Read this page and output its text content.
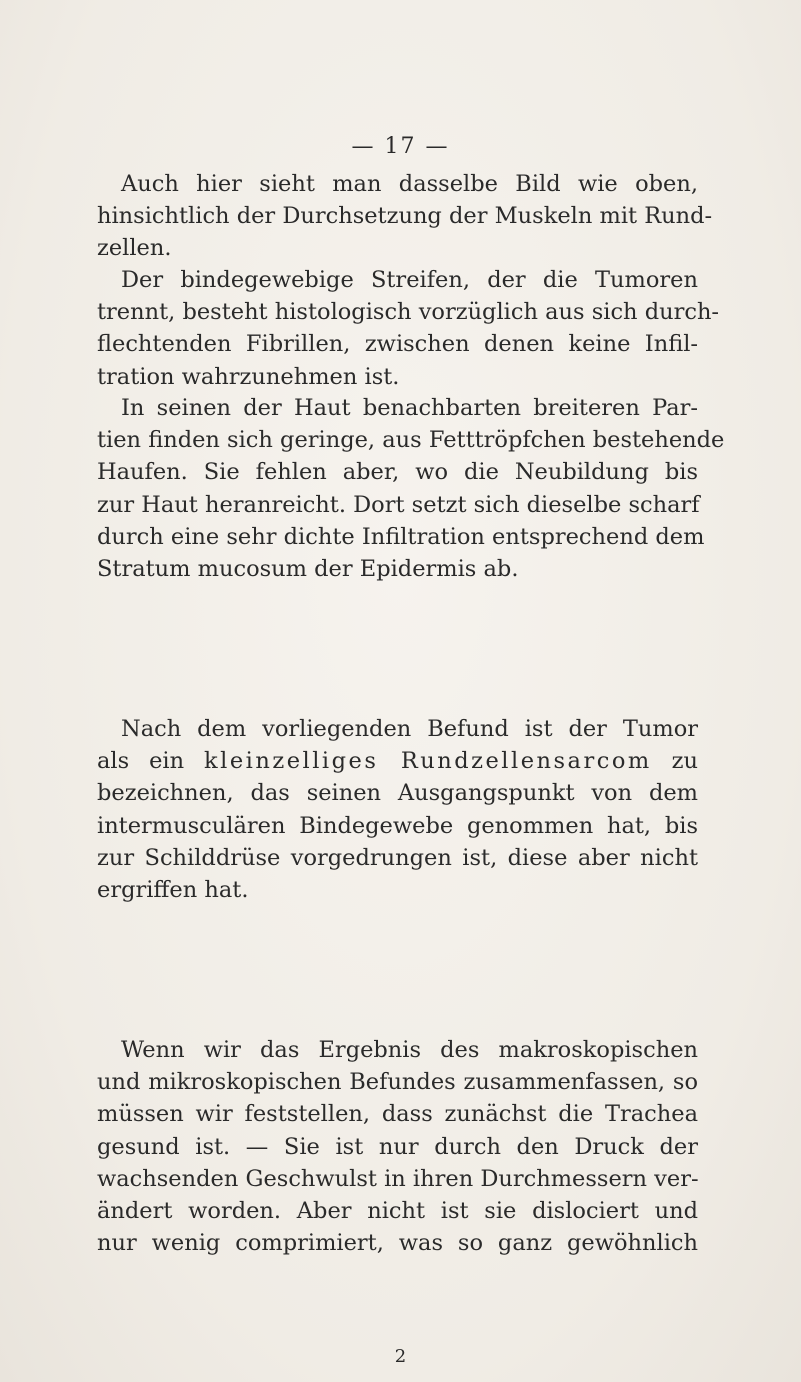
— 17 —
Auch hier sieht man dasselbe Bild wie oben,
hinsichtlich der Durchsetzung der Muskeln mit Rund-
zellen.
Der bindegewebige Streifen, der die Tumoren
trennt, besteht histologisch vorzüglich aus sich durch-
flechtenden Fibrillen, zwischen denen keine Infil-
tration wahrzunehmen ist.
In seinen der Haut benachbarten breiteren Par-
tien finden sich geringe, aus Fetttröpfchen bestehende
Haufen. Sie fehlen aber, wo die Neubildung bis
zur Haut heranreicht. Dort setzt sich dieselbe scharf
durch eine sehr dichte Infiltration entsprechend dem
Stratum mucosum der Epidermis ab.
Nach dem vorliegenden Befund ist der Tumor
als ein kleinzelliges Rundzellensarcom zu
bezeichnen, das seinen Ausgangspunkt von dem
intermusculären Bindegewebe genommen hat, bis
zur Schilddrüse vorgedrungen ist, diese aber nicht
ergriffen hat.
Wenn wir das Ergebnis des makroskopischen
und mikroskopischen Befundes zusammenfassen, so
müssen wir feststellen, dass zunächst die Trachea
gesund ist. — Sie ist nur durch den Druck der
wachsenden Geschwulst in ihren Durchmessern ver-
ändert worden. Aber nicht ist sie dislociert und
nur wenig comprimiert, was so ganz gewöhnlich
2
